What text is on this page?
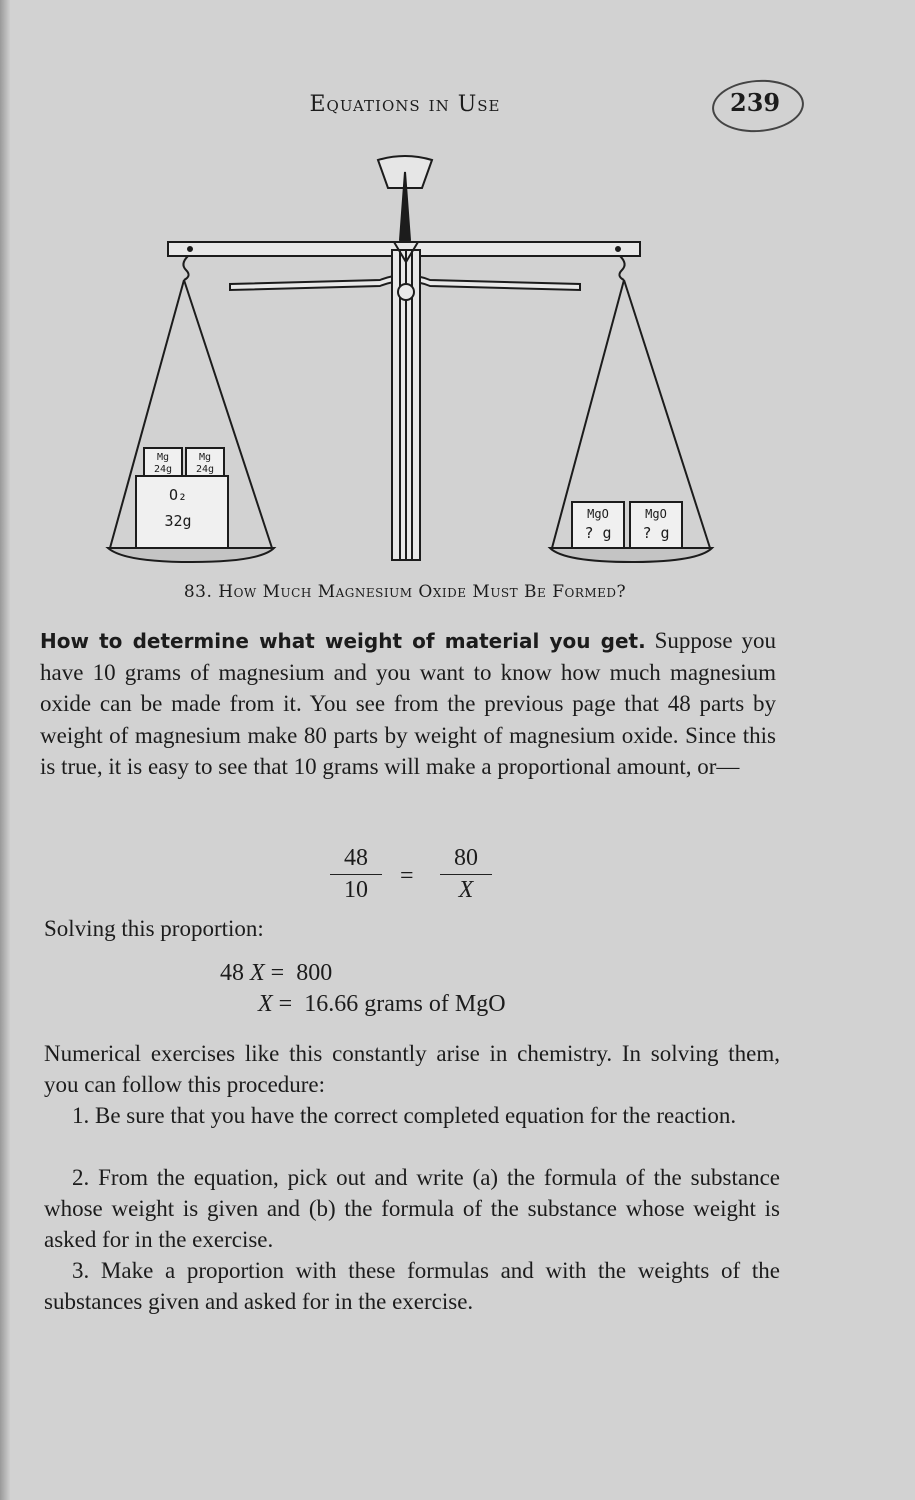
Equations in Use	239
Mg
24g
Mg
24g
O₂
32g	MgO
? g
MgO
? g
83. How Much Magnesium Oxide Must Be Formed?

How to determine what weight of material you get. Suppose you have 10 grams of magnesium and you want to know how much magnesium oxide can be made from it. You see from the previous page that 48 parts by weight of magnesium make 80 parts by weight of magnesium oxide. Since this is true, it is easy to see that 10 grams will make a proportional amount, or—

$\frac{48}{10} = \frac{80}{X}$
Solving this proportion:
48 X =  800
X =  16.66 grams of MgO

Numerical exercises like this constantly arise in chemistry. In solving them, you can follow this procedure:

1. Be sure that you have the correct completed equation for the reaction.

2. From the equation, pick out and write (a) the formula of the substance whose weight is given and (b) the formula of the substance whose weight is asked for in the exercise.

3. Make a proportion with these formulas and with the weights of the substances given and asked for in the exercise.
